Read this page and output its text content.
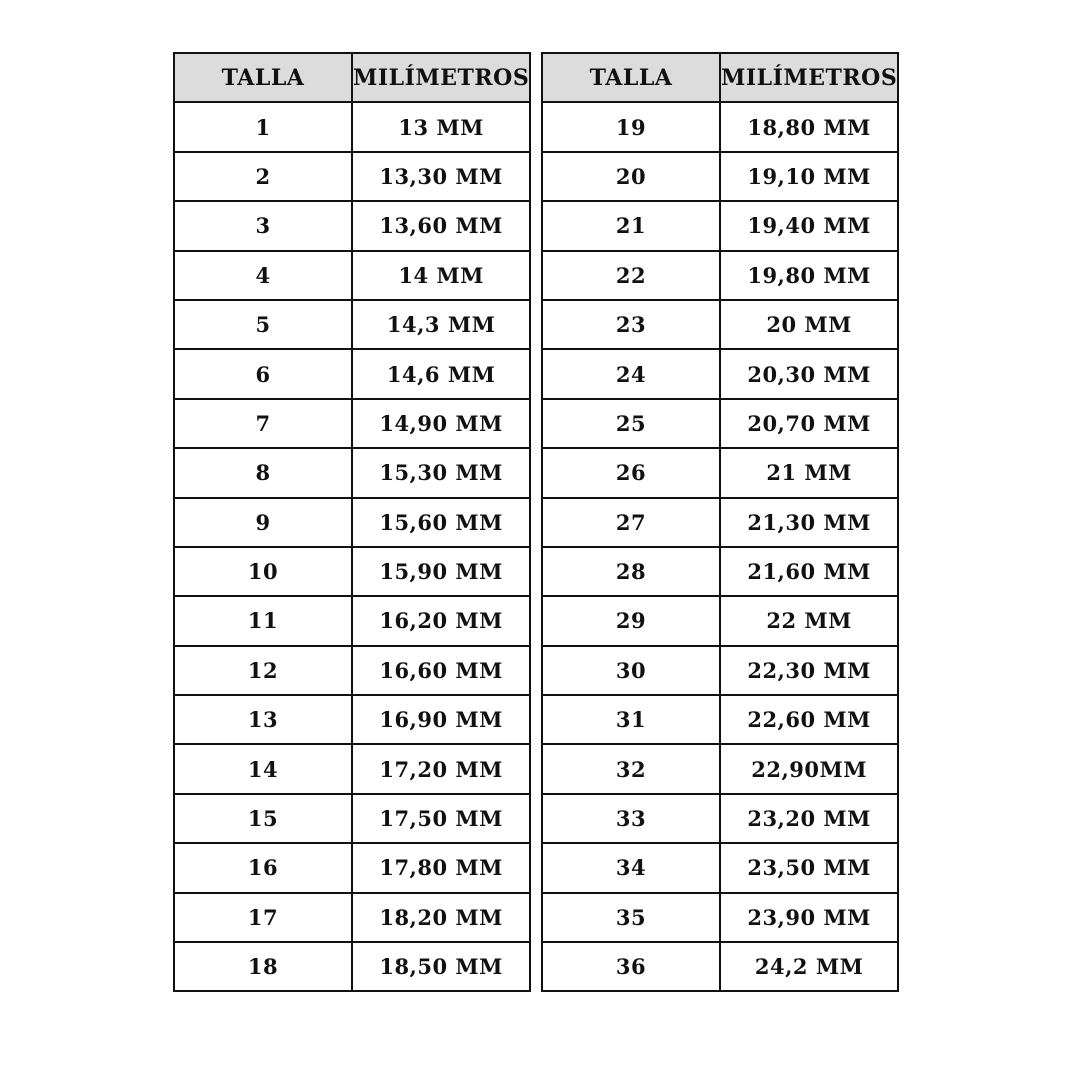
TALLA	MILÍMETROS
1	13 MM
2	13,30 MM
3	13,60 MM
4	14 MM
5	14,3 MM
6	14,6 MM
7	14,90 MM
8	15,30 MM
9	15,60 MM
10	15,90 MM
11	16,20 MM
12	16,60 MM
13	16,90 MM
14	17,20 MM
15	17,50 MM
16	17,80 MM
17	18,20 MM
18	18,50 MM
TALLA	MILÍMETROS
19	18,80 MM
20	19,10 MM
21	19,40 MM
22	19,80 MM
23	20 MM
24	20,30 MM
25	20,70 MM
26	21 MM
27	21,30 MM
28	21,60 MM
29	22 MM
30	22,30 MM
31	22,60 MM
32	22,90MM
33	23,20 MM
34	23,50 MM
35	23,90 MM
36	24,2 MM
